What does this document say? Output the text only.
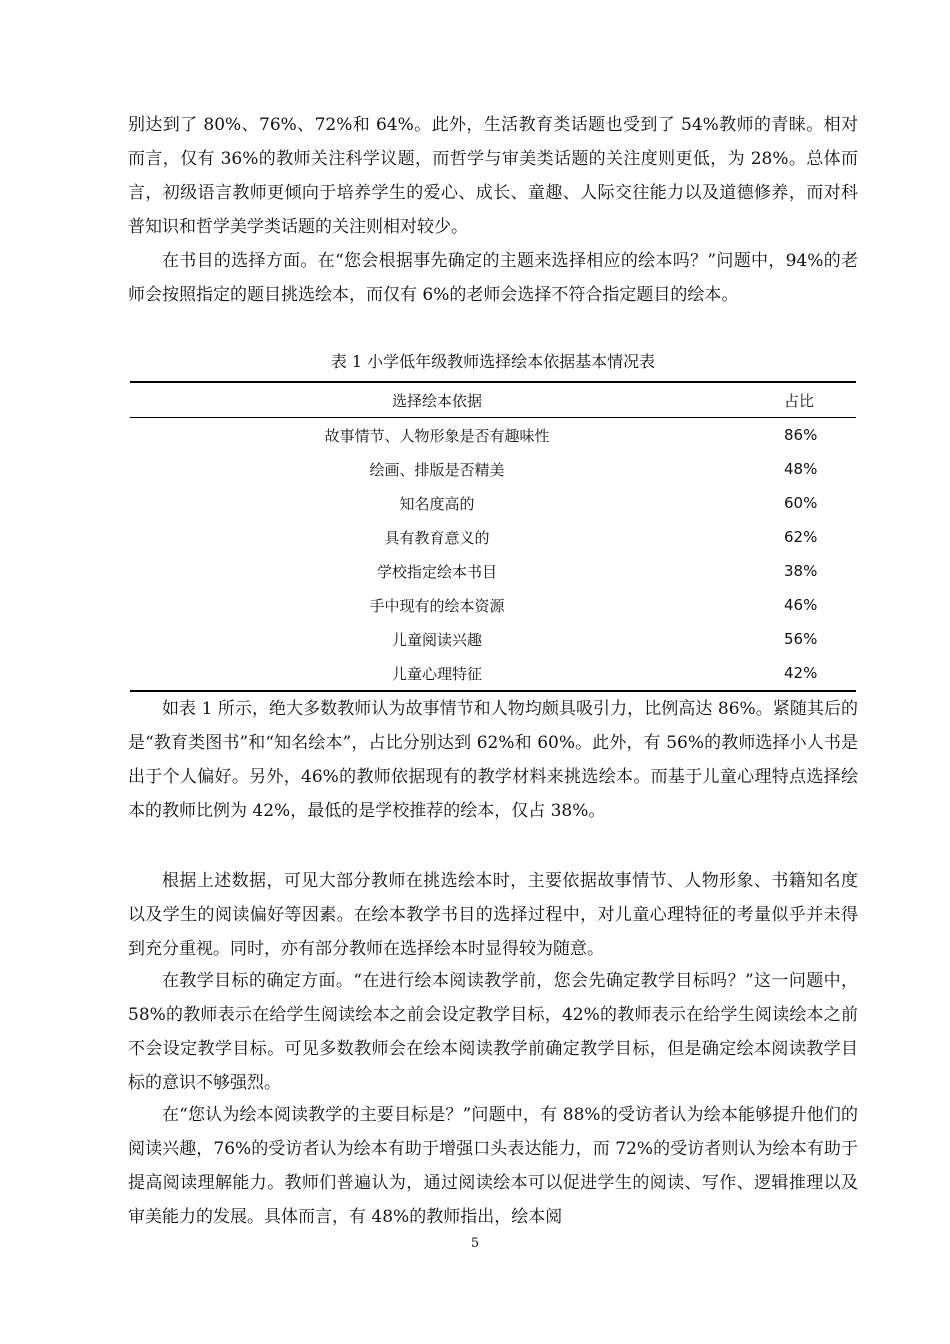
别达到了 80%、76%、72%和 64%。此外，生活教育类话题也受到了 54%教师的青睐。相对而言，仅有 36%的教师关注科学议题，而哲学与审美类话题的关注度则更低，为 28%。总体而言，初级语言教师更倾向于培养学生的爱心、成长、童趣、人际交往能力以及道德修养，而对科普知识和哲学美学类话题的关注则相对较少。

在书目的选择方面。在“您会根据事先确定的主题来选择相应的绘本吗？”问题中，94%的老师会按照指定的题目挑选绘本，而仅有 6%的老师会选择不符合指定题目的绘本。

表 1 小学低年级教师选择绘本依据基本情况表

选择绘本依据	占比
故事情节、人物形象是否有趣味性	86%
绘画、排版是否精美	48%
知名度高的	60%
具有教育意义的	62%
学校指定绘本书目	38%
手中现有的绘本资源	46%
儿童阅读兴趣	56%
儿童心理特征	42%

如表 1 所示，绝大多数教师认为故事情节和人物均颇具吸引力，比例高达 86%。紧随其后的是“教育类图书”和“知名绘本”，占比分别达到 62%和 60%。此外，有 56%的教师选择小人书是出于个人偏好。另外，46%的教师依据现有的教学材料来挑选绘本。而基于儿童心理特点选择绘本的教师比例为 42%，最低的是学校推荐的绘本，仅占 38%。

根据上述数据，可见大部分教师在挑选绘本时，主要依据故事情节、人物形象、书籍知名度以及学生的阅读偏好等因素。在绘本教学书目的选择过程中，对儿童心理特征的考量似乎并未得到充分重视。同时，亦有部分教师在选择绘本时显得较为随意。

在教学目标的确定方面。“在进行绘本阅读教学前，您会先确定教学目标吗？”这一问题中，58%的教师表示在给学生阅读绘本之前会设定教学目标，42%的教师表示在给学生阅读绘本之前不会设定教学目标。可见多数教师会在绘本阅读教学前确定教学目标，但是确定绘本阅读教学目标的意识不够强烈。

在“您认为绘本阅读教学的主要目标是？”问题中，有 88%的受访者认为绘本能够提升他们的阅读兴趣，76%的受访者认为绘本有助于增强口头表达能力，而 72%的受访者则认为绘本有助于提高阅读理解能力。教师们普遍认为，通过阅读绘本可以促进学生的阅读、写作、逻辑推理以及审美能力的发展。具体而言，有 48%的教师指出，绘本阅

5
